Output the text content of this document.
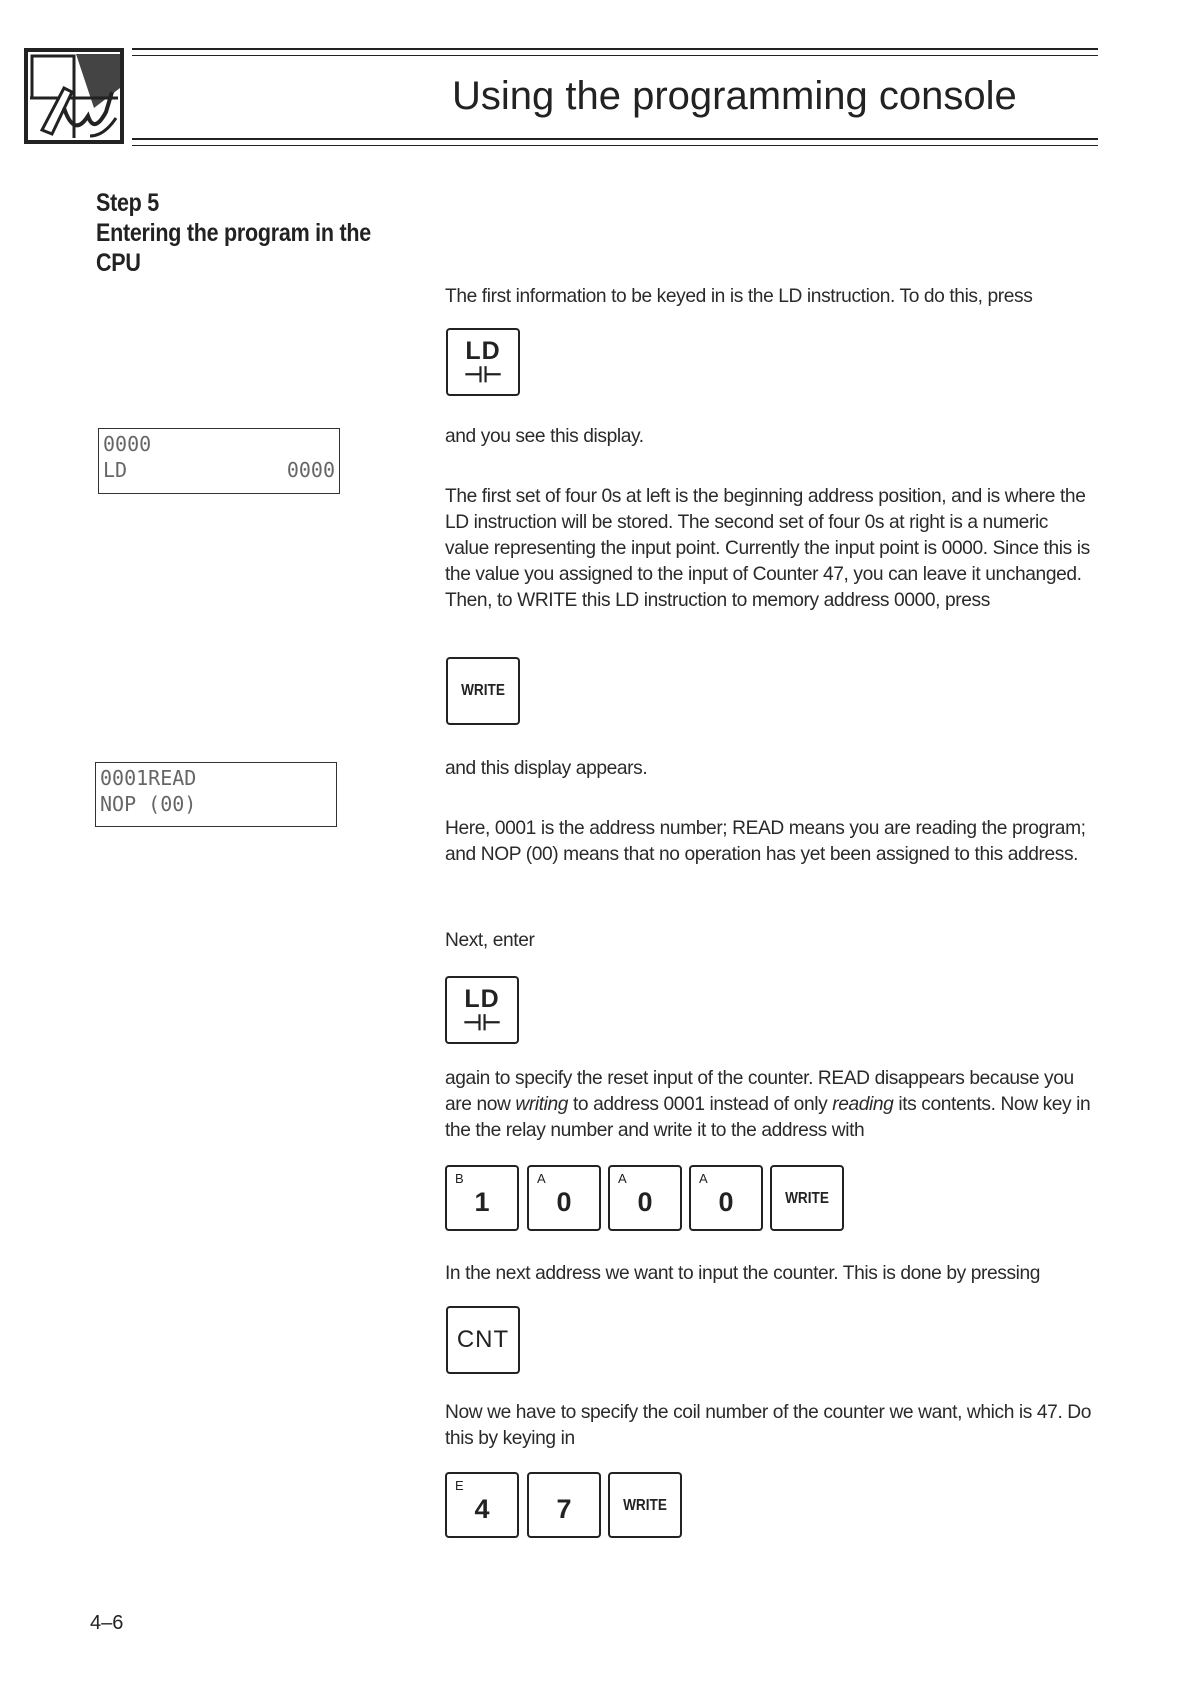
Using the programming console
Step 5
Entering the program in the
CPU
The first information to be keyed in is the LD instruction. To do this, press
LD
⊣⊢
0000
LD	0000
and you see this display.
The first set of four 0s at left is the beginning address position, and is where the LD instruction will be stored. The second set of four 0s at right is a numeric value representing the input point. Currently the input point is 0000. Since this is the value you assigned to the input of Counter 47, you can leave it unchanged. Then, to WRITE this LD instruction to memory address 0000, press
WRITE
0001READ
NOP (00)
and this display appears.
Here, 0001 is the address number; READ means you are reading the program; and NOP (00) means that no operation has yet been assigned to this address.
Next, enter
LD
⊣⊢
again to specify the reset input of the counter. READ disappears because you are now writing to address 0001 instead of only reading its contents. Now key in the the relay number and write it to the address with
B
1
A
0
A
0
A
0	WRITE
In the next address we want to input the counter. This is done by pressing
CNT
Now we have to specify the coil number of the counter we want, which is 47. Do this by keying in
E
4	7	WRITE
4–6
